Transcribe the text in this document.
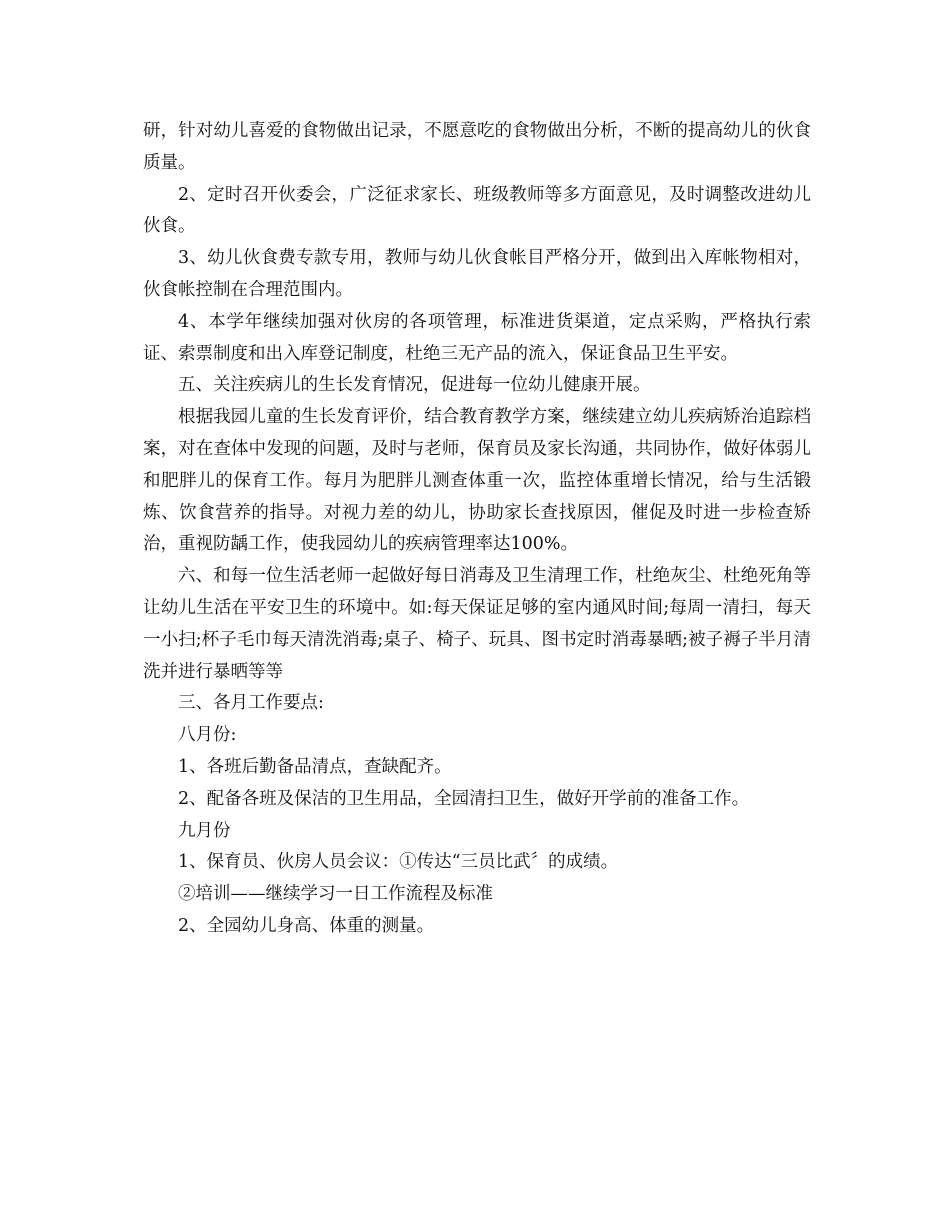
研，针对幼儿喜爱的食物做出记录，不愿意吃的食物做出分析，不断的提高幼儿的伙食质量。

2、定时召开伙委会，广泛征求家长、班级教师等多方面意见，及时调整改进幼儿伙食。

3、幼儿伙食费专款专用，教师与幼儿伙食帐目严格分开，做到出入库帐物相对，伙食帐控制在合理范围内。

4、本学年继续加强对伙房的各项管理，标准进货渠道，定点采购，严格执行索证、索票制度和出入库登记制度，杜绝三无产品的流入，保证食品卫生平安。

五、关注疾病儿的生长发育情况，促进每一位幼儿健康开展。

根据我园儿童的生长发育评价，结合教育教学方案，继续建立幼儿疾病矫治追踪档案，对在查体中发现的问题，及时与老师，保育员及家长沟通，共同协作，做好体弱儿和肥胖儿的保育工作。每月为肥胖儿测查体重一次，监控体重增长情况，给与生活锻炼、饮食营养的指导。对视力差的幼儿，协助家长查找原因，催促及时进一步检查矫治，重视防龋工作，使我园幼儿的疾病管理率达100%。

六、和每一位生活老师一起做好每日消毒及卫生清理工作，杜绝灰尘、杜绝死角等让幼儿生活在平安卫生的环境中。如:每天保证足够的室内通风时间;每周一清扫，每天一小扫;杯子毛巾每天清洗消毒;桌子、椅子、玩具、图书定时消毒暴晒;被子褥子半月清洗并进行暴晒等等

三、各月工作要点:

八月份:

1、各班后勤备品清点，查缺配齐。

2、配备各班及保洁的卫生用品，全园清扫卫生，做好开学前的准备工作。

九月份

1、保育员、伙房人员会议：①传达“三员比武〞的成绩。

②培训——继续学习一日工作流程及标准

2、全园幼儿身高、体重的测量。
